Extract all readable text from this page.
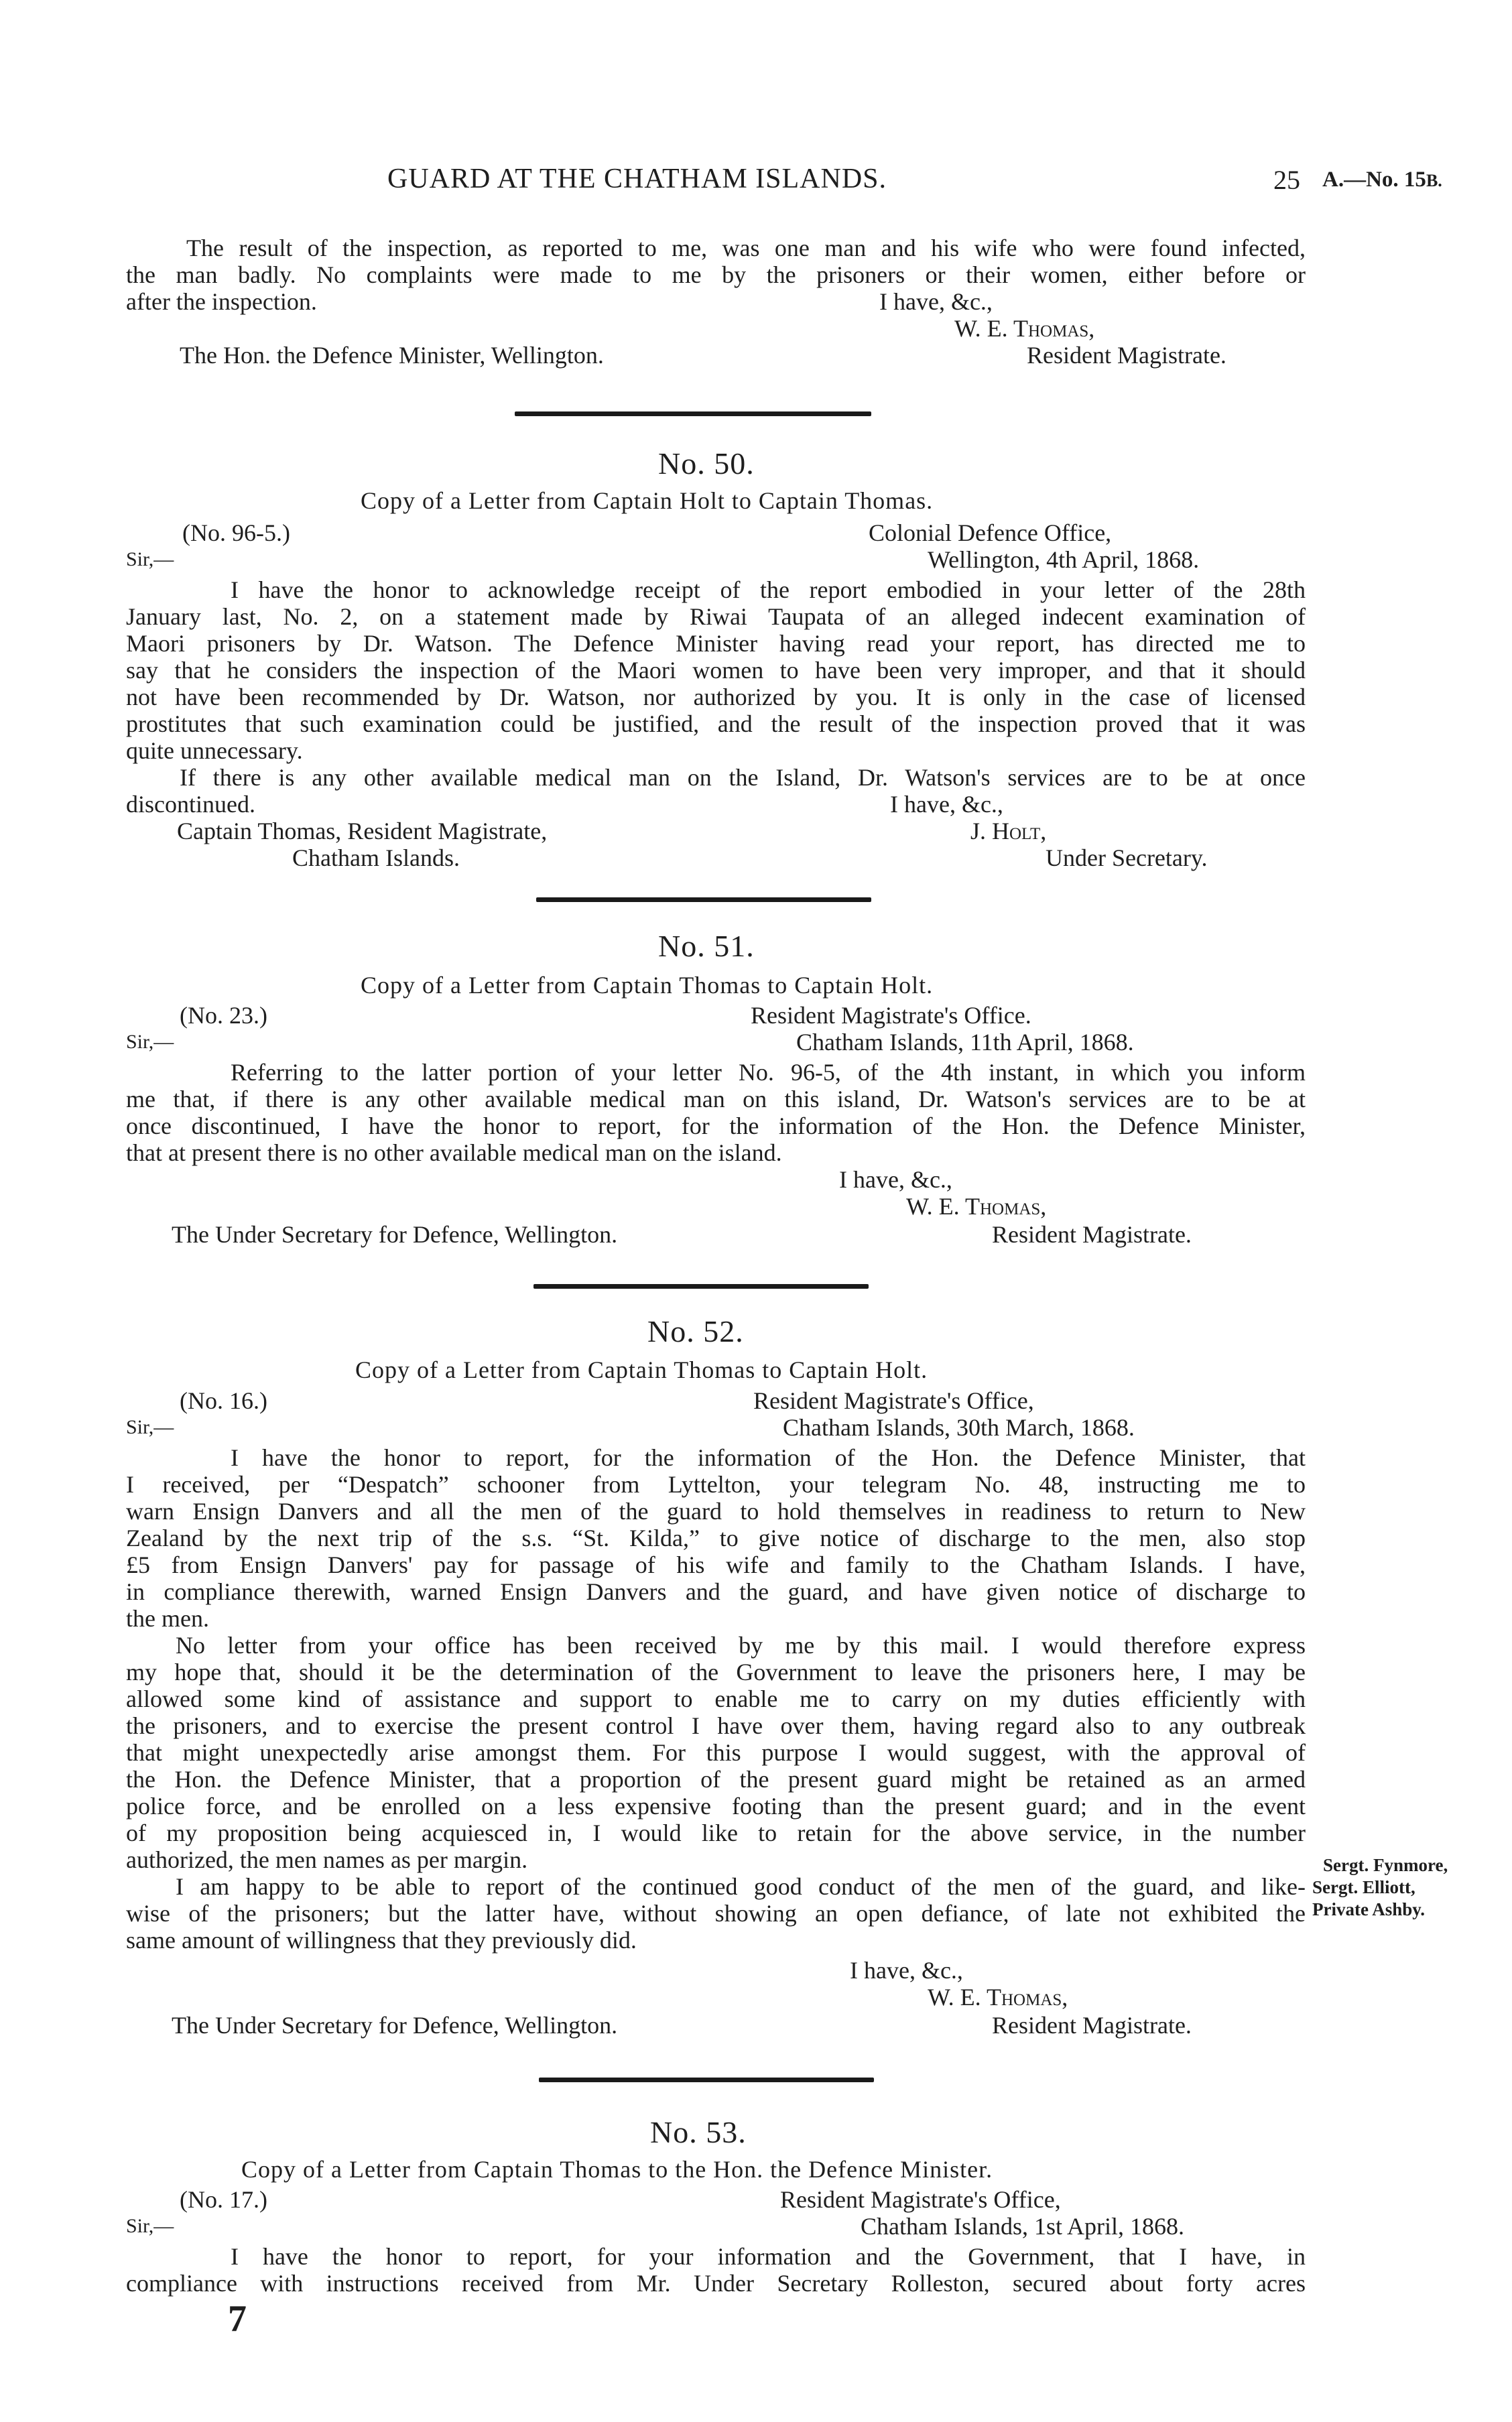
GUARD AT THE CHATHAM ISLANDS.	25 A.—No. 15B.
The result of the inspection, as reported to me, was one man and his wife who were found infected,
the man badly. No complaints were made to me by the prisoners or their women, either before or
after the inspection.	I have, &c.,
W. E. Thomas,
The Hon. the Defence Minister, Wellington.	Resident Magistrate.
No. 50.
Copy of a Letter from Captain Holt to Captain Thomas.
(No. 96-5.)	Colonial Defence Office,
Sir,—	Wellington, 4th April, 1868.
I have the honor to acknowledge receipt of the report embodied in your letter of the 28th
January last, No. 2, on a statement made by Riwai Taupata of an alleged indecent examination of
Maori prisoners by Dr. Watson. The Defence Minister having read your report, has directed me to
say that he considers the inspection of the Maori women to have been very improper, and that it should
not have been recommended by Dr. Watson, nor authorized by you. It is only in the case of licensed
prostitutes that such examination could be justified, and the result of the inspection proved that it was
quite unnecessary.
If there is any other available medical man on the Island, Dr. Watson's services are to be at once
discontinued.	I have, &c.,
Captain Thomas, Resident Magistrate,	J. Holt,
Chatham Islands.	Under Secretary.
No. 51.
Copy of a Letter from Captain Thomas to Captain Holt.
(No. 23.)	Resident Magistrate's Office.
Sir,—	Chatham Islands, 11th April, 1868.
Referring to the latter portion of your letter No. 96-5, of the 4th instant, in which you inform
me that, if there is any other available medical man on this island, Dr. Watson's services are to be at
once discontinued, I have the honor to report, for the information of the Hon. the Defence Minister,
that at present there is no other available medical man on the island.
I have, &c.,
W. E. Thomas,
The Under Secretary for Defence, Wellington.	Resident Magistrate.
No. 52.
Copy of a Letter from Captain Thomas to Captain Holt.
(No. 16.)	Resident Magistrate's Office,
Sir,—	Chatham Islands, 30th March, 1868.
I have the honor to report, for the information of the Hon. the Defence Minister, that
I received, per “Despatch” schooner from Lyttelton, your telegram No. 48, instructing me to
warn Ensign Danvers and all the men of the guard to hold themselves in readiness to return to New
Zealand by the next trip of the s.s. “St. Kilda,” to give notice of discharge to the men, also stop
£5 from Ensign Danvers' pay for passage of his wife and family to the Chatham Islands. I have,
in compliance therewith, warned Ensign Danvers and the guard, and have given notice of discharge to
the men.
No letter from your office has been received by me by this mail. I would therefore express
my hope that, should it be the determination of the Government to leave the prisoners here, I may be
allowed some kind of assistance and support to enable me to carry on my duties efficiently with
the prisoners, and to exercise the present control I have over them, having regard also to any outbreak
that might unexpectedly arise amongst them. For this purpose I would suggest, with the approval of
the Hon. the Defence Minister, that a proportion of the present guard might be retained as an armed
police force, and be enrolled on a less expensive footing than the present guard; and in the event
of my proposition being acquiesced in, I would like to retain for the above service, in the number
authorized, the men names as per margin.
I am happy to be able to report of the continued good conduct of the men of the guard, and like-
wise of the prisoners; but the latter have, without showing an open defiance, of late not exhibited the
same amount of willingness that they previously did.
Sergt. Fynmore,
Sergt. Elliott,
Private Ashby.
I have, &c.,
W. E. Thomas,
The Under Secretary for Defence, Wellington.	Resident Magistrate.
No. 53.
Copy of a Letter from Captain Thomas to the Hon. the Defence Minister.
(No. 17.)	Resident Magistrate's Office,
Sir,—	Chatham Islands, 1st April, 1868.
I have the honor to report, for your information and the Government, that I have, in
compliance with instructions received from Mr. Under Secretary Rolleston, secured about forty acres
7
